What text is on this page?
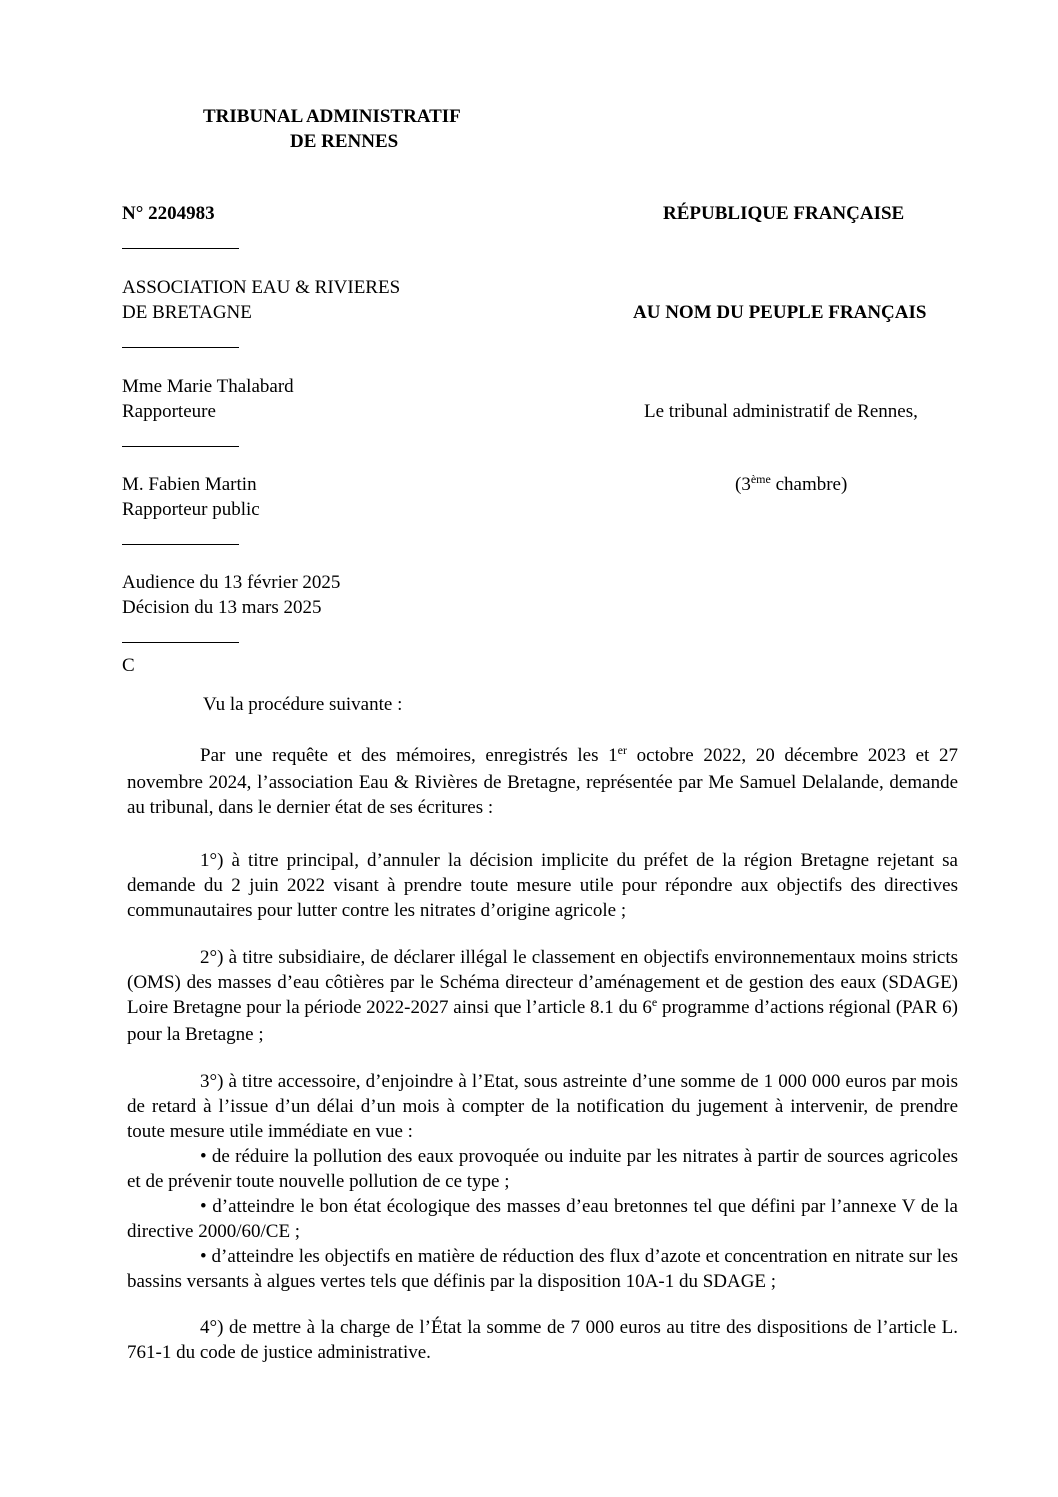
TRIBUNAL ADMINISTRATIF
DE RENNES
N° 2204983	RÉPUBLIQUE FRANÇAISE
ASSOCIATION EAU & RIVIERES
DE BRETAGNE	AU NOM DU PEUPLE FRANÇAIS
Mme Marie Thalabard
Rapporteure	Le tribunal administratif de Rennes,
M. Fabien Martin
Rapporteur public
(3ème chambre)
Audience du 13 février 2025
Décision du 13 mars 2025
C
Vu la procédure suivante :

Par une requête et des mémoires, enregistrés les 1er octobre 2022, 20 décembre 2023 et 27 novembre 2024, l’association Eau & Rivières de Bretagne, représentée par Me Samuel Delalande, demande au tribunal, dans le dernier état de ses écritures :

1°) à titre principal, d’annuler la décision implicite du préfet de la région Bretagne rejetant sa demande du 2 juin 2022 visant à prendre toute mesure utile pour répondre aux objectifs des directives communautaires pour lutter contre les nitrates d’origine agricole ;

2°) à titre subsidiaire, de déclarer illégal le classement en objectifs environnementaux moins stricts (OMS) des masses d’eau côtières par le Schéma directeur d’aménagement et de gestion des eaux (SDAGE) Loire Bretagne pour la période 2022-2027 ainsi que l’article 8.1 du 6e programme d’actions régional (PAR 6) pour la Bretagne ;

3°) à titre accessoire, d’enjoindre à l’Etat, sous astreinte d’une somme de 1 000 000 euros par mois de retard à l’issue d’un délai d’un mois à compter de la notification du jugement à intervenir, de prendre toute mesure utile immédiate en vue :

• de réduire la pollution des eaux provoquée ou induite par les nitrates à partir de sources agricoles et de prévenir toute nouvelle pollution de ce type ;

• d’atteindre le bon état écologique des masses d’eau bretonnes tel que défini par l’annexe V de la directive 2000/60/CE ;

• d’atteindre les objectifs en matière de réduction des flux d’azote et concentration en nitrate sur les bassins versants à algues vertes tels que définis par la disposition 10A-1 du SDAGE ;

4°) de mettre à la charge de l’État la somme de 7 000 euros au titre des dispositions de l’article L. 761-1 du code de justice administrative.
